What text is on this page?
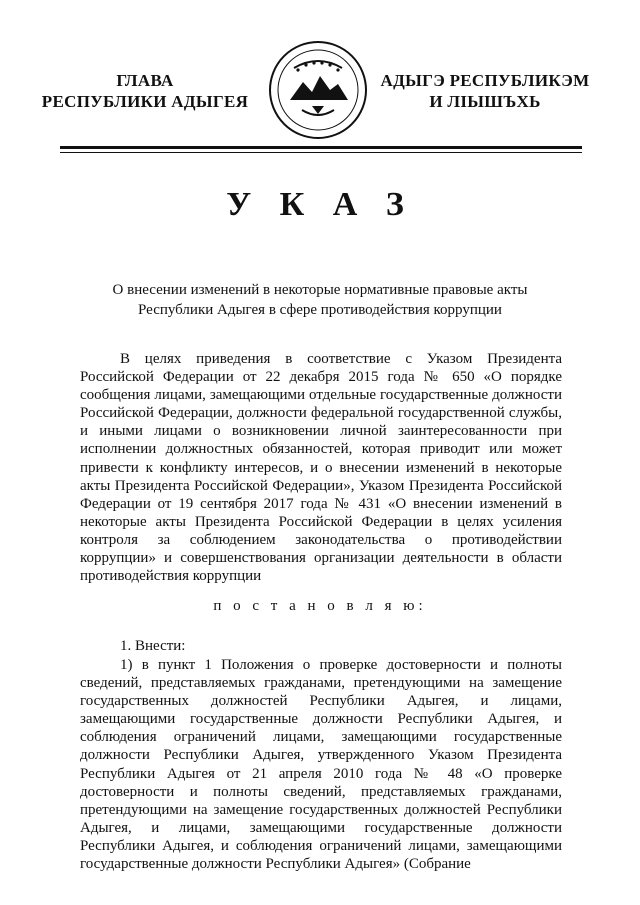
ГЛАВА
РЕСПУБЛИКИ АДЫГЕЯ
АДЫГЭ РЕСПУБЛИКЭМ
И ЛІЫШЪХЬ
У К А З
О внесении изменений в некоторые нормативные правовые акты
Республики Адыгея в сфере противодействия коррупции
В целях приведения в соответствие с Указом Президента Российской Федерации от 22 декабря 2015 года № 650 «О порядке сообщения лицами, замещающими отдельные государственные должности Российской Федерации, должности федеральной государственной службы, и иными лицами о возникновении личной заинтересованности при исполнении должностных обязанностей, которая приводит или может привести к конфликту интересов, и о внесении изменений в некоторые акты Президента Российской Федерации», Указом Президента Российской Федерации от 19 сентября 2017 года № 431 «О внесении изменений в некоторые акты Президента Российской Федерации в целях усиления контроля за соблюдением законодательства о противодействии коррупции» и совершенствования организации деятельности в области противодействия коррупции
п о с т а н о в л я ю:
1. Внести:
1) в пункт 1 Положения о проверке достоверности и полноты сведений, представляемых гражданами, претендующими на замещение государственных должностей Республики Адыгея, и лицами, замещающими государственные должности Республики Адыгея, и соблюдения ограничений лицами, замещающими государственные должности Республики Адыгея, утвержденного Указом Президента Республики Адыгея от 21 апреля 2010 года № 48 «О проверке достоверности и полноты сведений, представляемых гражданами, претендующими на замещение государственных должностей Республики Адыгея, и лицами, замещающими государственные должности Республики Адыгея, и соблюдения ограничений лицами, замещающими государственные должности Республики Адыгея» (Собрание
